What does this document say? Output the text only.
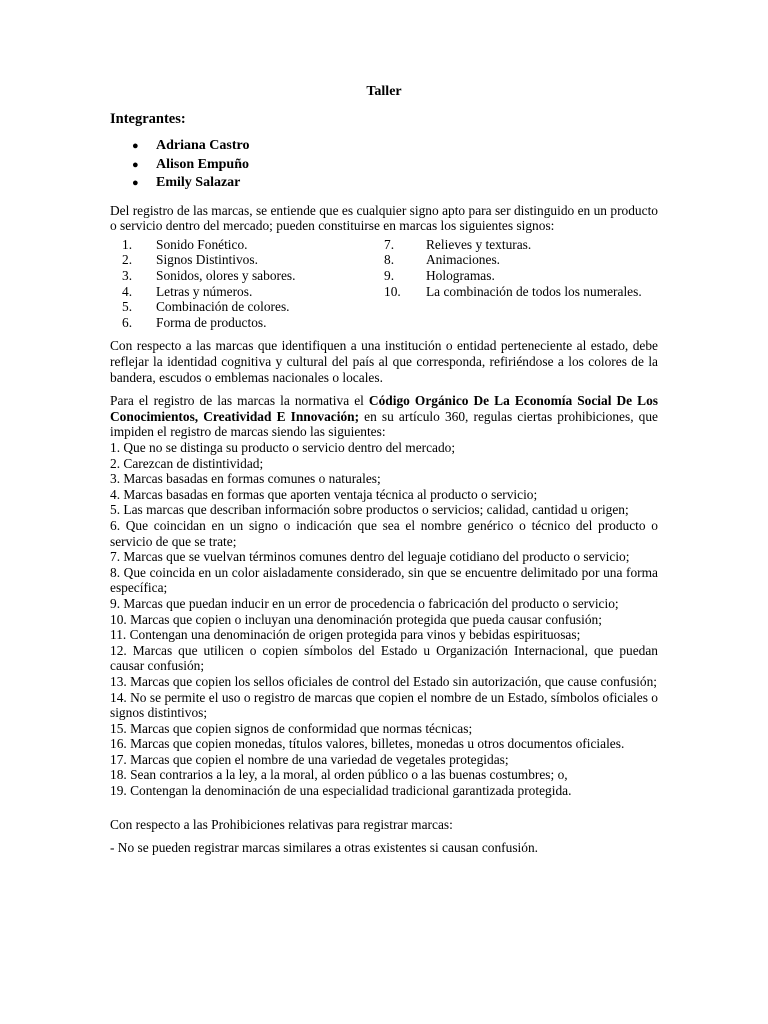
Taller
Integrantes:
●	Adriana Castro
●	Alison Empuño
●	Emily Salazar

Del registro de las marcas, se entiende que es cualquier signo apto para ser distinguido en un producto o servicio dentro del mercado; pueden constituirse en marcas los siguientes signos:

1.	Sonido Fonético.
2.	Signos Distintivos.
3.	Sonidos, olores y sabores.
4.	Letras y números.
5.	Combinación de colores.
6.	Forma de productos.
7.	Relieves y texturas.
8.	Animaciones.
9.	Hologramas.
10.	La combinación de todos los numerales.

Con respecto a las marcas que identifiquen a una institución o entidad perteneciente al estado, debe reflejar la identidad cognitiva y cultural del país al que corresponda, refiriéndose a los colores de la bandera, escudos o emblemas nacionales o locales.

Para el registro de las marcas la normativa el Código Orgánico De La Economía Social De Los Conocimientos, Creatividad E Innovación; en su artículo 360, regulas ciertas prohibiciones, que impiden el registro de marcas siendo las siguientes:

1. Que no se distinga su producto o servicio dentro del mercado;
2. Carezcan de distintividad;
3. Marcas basadas en formas comunes o naturales;
4. Marcas basadas en formas que aporten ventaja técnica al producto o servicio;
5. Las marcas que describan información sobre productos o servicios; calidad, cantidad u origen;
6. Que coincidan en un signo o indicación que sea el nombre genérico o técnico del producto o servicio de que se trate;
7. Marcas que se vuelvan términos comunes dentro del leguaje cotidiano del producto o servicio;
8. Que coincida en un color aisladamente considerado, sin que se encuentre delimitado por una forma específica;
9. Marcas que puedan inducir en un error de procedencia o fabricación del producto o servicio;
10. Marcas que copien o incluyan una denominación protegida que pueda causar confusión;
11. Contengan una denominación de origen protegida para vinos y bebidas espirituosas;
12. Marcas que utilicen o copien símbolos del Estado u Organización Internacional, que puedan causar confusión;
13. Marcas que copien los sellos oficiales de control del Estado sin autorización, que cause confusión;
14. No se permite el uso o registro de marcas que copien el nombre de un Estado, símbolos oficiales o signos distintivos;
15. Marcas que copien signos de conformidad que normas técnicas;
16. Marcas que copien monedas, títulos valores, billetes, monedas u otros documentos oficiales.
17. Marcas que copien el nombre de una variedad de vegetales protegidas;
18. Sean contrarios a la ley, a la moral, al orden público o a las buenas costumbres; o,
19. Contengan la denominación de una especialidad tradicional garantizada protegida.

Con respecto a las Prohibiciones relativas para registrar marcas:

- No se pueden registrar marcas similares a otras existentes si causan confusión.
